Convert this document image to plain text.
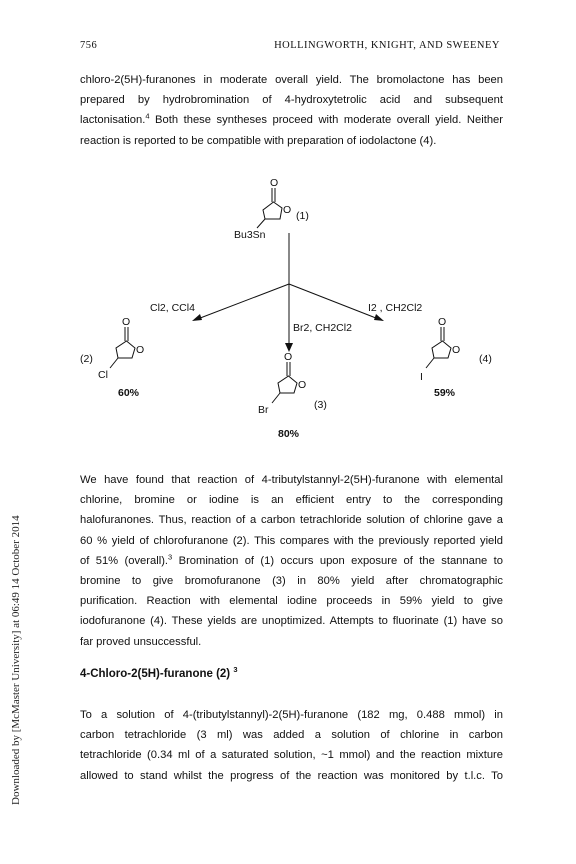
756	HOLLINGWORTH, KNIGHT, AND SWEENEY
Downloaded by [McMaster University] at 06:49 14 October 2014
chloro-2(5H)-furanones in moderate overall yield. The bromolactone has been
prepared by hydrobromination of 4-hydroxytetrolic acid and subsequent
lactonisation.$^4$ Both these syntheses proceed with moderate overall yield. Neither
reaction is reported to be compatible with preparation of iodolactone (4).
O
O (1)
Bu3Sn
Cl2, CCl4
Br2, CH2Cl2
I2 , CH2Cl2
O
O
(2)
Cl
60%
O
O
(3)
Br
80%
O
O
(4)
I
59%
We have found that reaction of 4-tributylstannyl-2(5H)-furanone with elemental
chlorine, bromine or iodine is an efficient entry to the corresponding
halofuranones. Thus, reaction of a carbon tetrachloride solution of chlorine gave a
60 % yield of chlorofuranone (2). This compares with the previously reported yield
of 51% (overall).$^3$ Bromination of (1) occurs upon exposure of the stannane to
bromine to give bromofuranone (3) in 80% yield after chromatographic
purification. Reaction with elemental iodine proceeds in 59% yield to give
iodofuranone (4). These yields are unoptimized. Attempts to fluorinate (1) have so
far proved unsuccessful.
4-Chloro-2(5H)-furanone (2) $^3$
To a solution of 4-(tributylstannyl)-2(5H)-furanone (182 mg, 0.488 mmol) in
carbon tetrachloride (3 ml) was added a solution of chlorine in carbon
tetrachloride (0.34 ml of a saturated solution, ~1 mmol) and the reaction mixture
allowed to stand whilst the progress of the reaction was monitored by t.l.c. To
